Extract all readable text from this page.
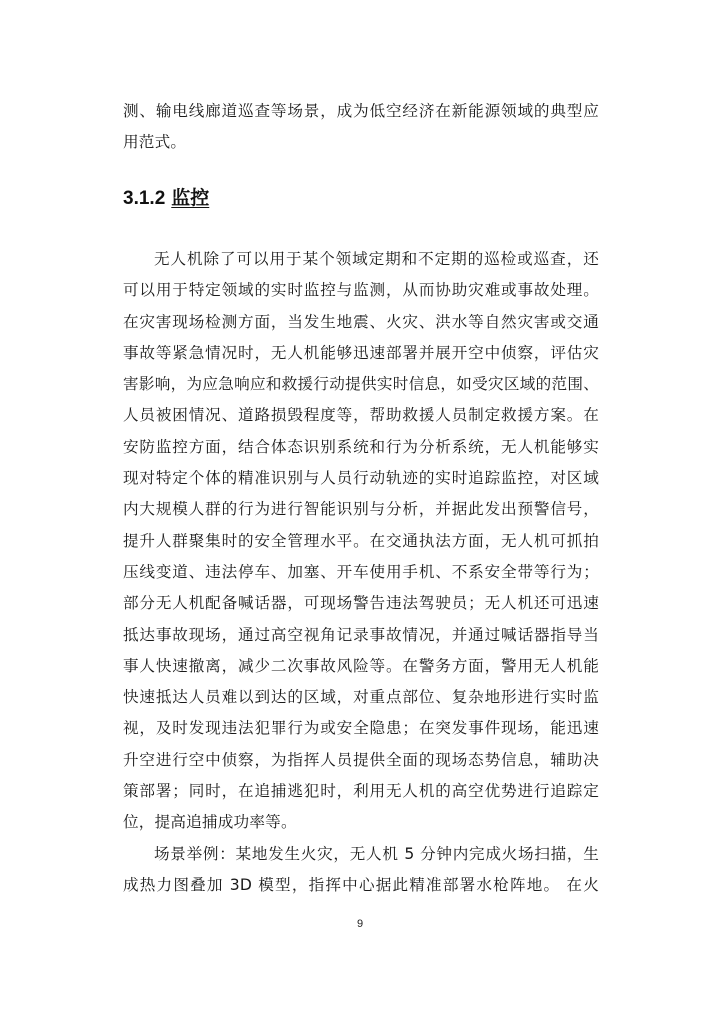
测、输电线廊道巡查等场景，成为低空经济在新能源领域的典型应
用范式。
3.1.2 监控
无人机除了可以用于某个领域定期和不定期的巡检或巡查，还
可以用于特定领域的实时监控与监测，从而协助灾难或事故处理。
在灾害现场检测方面，当发生地震、火灾、洪水等自然灾害或交通
事故等紧急情况时，无人机能够迅速部署并展开空中侦察，评估灾
害影响，为应急响应和救援行动提供实时信息，如受灾区域的范围、
人员被困情况、道路损毁程度等，帮助救援人员制定救援方案。在
安防监控方面，结合体态识别系统和行为分析系统，无人机能够实
现对特定个体的精准识别与人员行动轨迹的实时追踪监控，对区域
内大规模人群的行为进行智能识别与分析，并据此发出预警信号，
提升人群聚集时的安全管理水平。在交通执法方面，无人机可抓拍
压线变道、违法停车、加塞、开车使用手机、不系安全带等行为；
部分无人机配备喊话器，可现场警告违法驾驶员；无人机还可迅速
抵达事故现场，通过高空视角记录事故情况，并通过喊话器指导当
事人快速撤离，减少二次事故风险等。在警务方面，警用无人机能
快速抵达人员难以到达的区域，对重点部位、复杂地形进行实时监
视，及时发现违法犯罪行为或安全隐患；在突发事件现场，能迅速
升空进行空中侦察，为指挥人员提供全面的现场态势信息，辅助决
策部署；同时，在追捕逃犯时，利用无人机的高空优势进行追踪定
位，提高追捕成功率等。
场景举例：某地发生火灾，无人机 5 分钟内完成火场扫描，生
成热力图叠加 3D 模型，指挥中心据此精准部署水枪阵地。 在火
9
